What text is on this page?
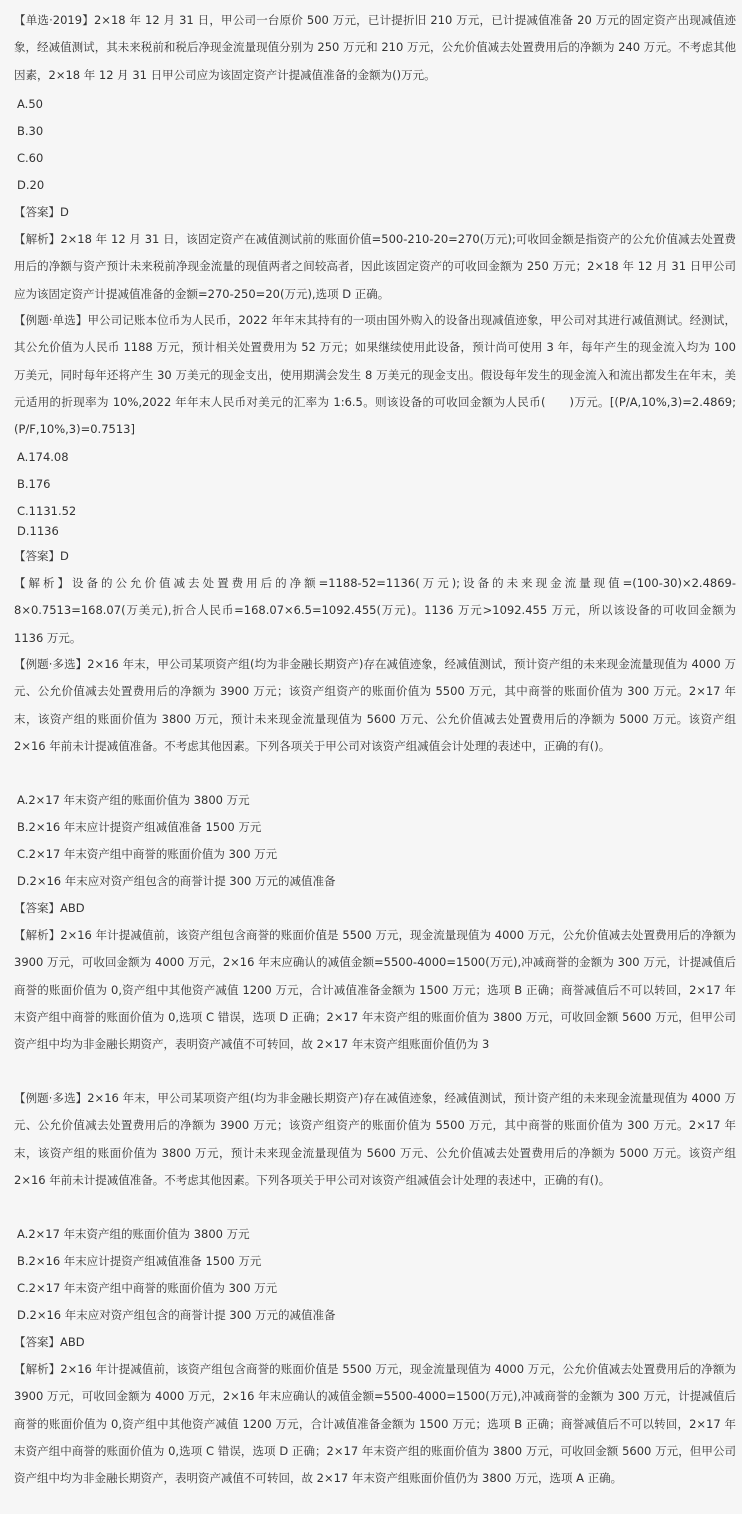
【单选·2019】2×18 年 12 月 31 日，甲公司一台原价 500 万元，已计提折旧 210 万元，已计提减值准备 20 万元的固定资产出现减值迹象，经减值测试，其未来税前和税后净现金流量现值分别为 250 万元和 210 万元，公允价值减去处置费用后的净额为 240 万元。不考虑其他因素，2×18 年 12 月 31 日甲公司应为该固定资产计提减值准备的金额为()万元。

A.50

B.30

C.60

D.20

【答案】D

【解析】2×18 年 12 月 31 日，该固定资产在减值测试前的账面价值=500-210-20=270(万元);可收回金额是指资产的公允价值减去处置费用后的净额与资产预计未来税前净现金流量的现值两者之间较高者，因此该固定资产的可收回金额为 250 万元；2×18 年 12 月 31 日甲公司应为该固定资产计提减值准备的金额=270-250=20(万元),选项 D 正确。

【例题·单选】甲公司记账本位币为人民币，2022 年年末其持有的一项由国外购入的设备出现减值迹象，甲公司对其进行减值测试。经测试，其公允价值为人民币 1188 万元，预计相关处置费用为 52 万元；如果继续使用此设备，预计尚可使用 3 年，每年产生的现金流入均为 100 万美元，同时每年还将产生 30 万美元的现金支出，使用期满会发生 8 万美元的现金支出。假设每年发生的现金流入和流出都发生在年末，美元适用的折现率为 10%,2022 年年末人民币对美元的汇率为 1:6.5。则该设备的可收回金额为人民币(　　)万元。[(P/A,10%,3)=2.4869;(P/F,10%,3)=0.7513]

A.174.08

B.176

C.1131.52

D.1136

【答案】D

【解析】设备的公允价值减去处置费用后的净额=1188-52=1136(万元);设备的未来现金流量现值=(100-30)×2.4869-8×0.7513=168.07(万美元),折合人民币=168.07×6.5=1092.455(万元)。1136 万元>1092.455 万元，所以该设备的可收回金额为 1136 万元。

【例题·多选】2×16 年末，甲公司某项资产组(均为非金融长期资产)存在减值迹象，经减值测试，预计资产组的未来现金流量现值为 4000 万元、公允价值减去处置费用后的净额为 3900 万元；该资产组资产的账面价值为 5500 万元，其中商誉的账面价值为 300 万元。2×17 年末，该资产组的账面价值为 3800 万元，预计未来现金流量现值为 5600 万元、公允价值减去处置费用后的净额为 5000 万元。该资产组 2×16 年前未计提减值准备。不考虑其他因素。下列各项关于甲公司对该资产组减值会计处理的表述中，正确的有()。

A.2×17 年末资产组的账面价值为 3800 万元

B.2×16 年末应计提资产组减值准备 1500 万元

C.2×17 年末资产组中商誉的账面价值为 300 万元

D.2×16 年末应对资产组包含的商誉计提 300 万元的减值准备

【答案】ABD

【解析】2×16 年计提减值前，该资产组包含商誉的账面价值是 5500 万元，现金流量现值为 4000 万元，公允价值减去处置费用后的净额为 3900 万元，可收回金额为 4000 万元，2×16 年末应确认的减值金额=5500-4000=1500(万元),冲减商誉的金额为 300 万元，计提减值后商誉的账面价值为 0,资产组中其他资产减值 1200 万元，合计减值准备金额为 1500 万元；选项 B 正确；商誉减值后不可以转回，2×17 年末资产组中商誉的账面价值为 0,选项 C 错误，选项 D 正确；2×17 年末资产组的账面价值为 3800 万元，可收回金额 5600 万元，但甲公司资产组中均为非金融长期资产，表明资产减值不可转回，故 2×17 年末资产组账面价值仍为 3

【例题·多选】2×16 年末，甲公司某项资产组(均为非金融长期资产)存在减值迹象，经减值测试，预计资产组的未来现金流量现值为 4000 万元、公允价值减去处置费用后的净额为 3900 万元；该资产组资产的账面价值为 5500 万元，其中商誉的账面价值为 300 万元。2×17 年末，该资产组的账面价值为 3800 万元，预计未来现金流量现值为 5600 万元、公允价值减去处置费用后的净额为 5000 万元。该资产组 2×16 年前未计提减值准备。不考虑其他因素。下列各项关于甲公司对该资产组减值会计处理的表述中，正确的有()。

A.2×17 年末资产组的账面价值为 3800 万元

B.2×16 年末应计提资产组减值准备 1500 万元

C.2×17 年末资产组中商誉的账面价值为 300 万元

D.2×16 年末应对资产组包含的商誉计提 300 万元的减值准备

【答案】ABD

【解析】2×16 年计提减值前，该资产组包含商誉的账面价值是 5500 万元，现金流量现值为 4000 万元，公允价值减去处置费用后的净额为 3900 万元，可收回金额为 4000 万元，2×16 年末应确认的减值金额=5500-4000=1500(万元),冲减商誉的金额为 300 万元，计提减值后商誉的账面价值为 0,资产组中其他资产减值 1200 万元，合计减值准备金额为 1500 万元；选项 B 正确；商誉减值后不可以转回，2×17 年末资产组中商誉的账面价值为 0,选项 C 错误，选项 D 正确；2×17 年末资产组的账面价值为 3800 万元，可收回金额 5600 万元，但甲公司资产组中均为非金融长期资产，表明资产减值不可转回，故 2×17 年末资产组账面价值仍为 3800 万元，选项 A 正确。
